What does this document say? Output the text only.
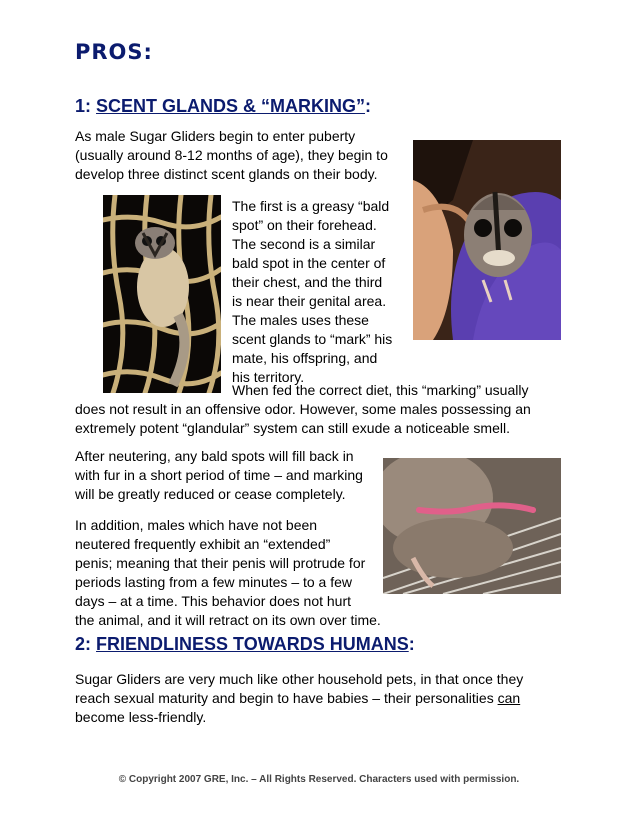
PROS:
1: SCENT GLANDS & “MARKING”:
As male Sugar Gliders begin to enter puberty
(usually around 8-12 months of age), they begin to
develop three distinct scent glands on their body.
The first is a greasy “bald
spot” on their forehead.
The second is a similar
bald spot in the center of
their chest, and the third
is near their genital area.
The males uses these
scent glands to “mark” his
mate, his offspring, and
his territory.
When fed the correct diet, this “marking” usually
does not result in an offensive odor. However, some males possessing an
extremely potent “glandular” system can still exude a noticeable smell.
After neutering, any bald spots will fill back in
with fur in a short period of time – and marking
will be greatly reduced or cease completely.
In addition, males which have not been
neutered frequently exhibit an “extended”
penis; meaning that their penis will protrude for
periods lasting from a few minutes – to a few
days – at a time. This behavior does not hurt
the animal, and it will retract on its own over time.
2: FRIENDLINESS TOWARDS HUMANS:
Sugar Gliders are very much like other household pets, in that once they
reach sexual maturity and begin to have babies – their personalities can
become less-friendly.
© Copyright 2007 GRE, Inc. – All Rights Reserved. Characters used with permission.
